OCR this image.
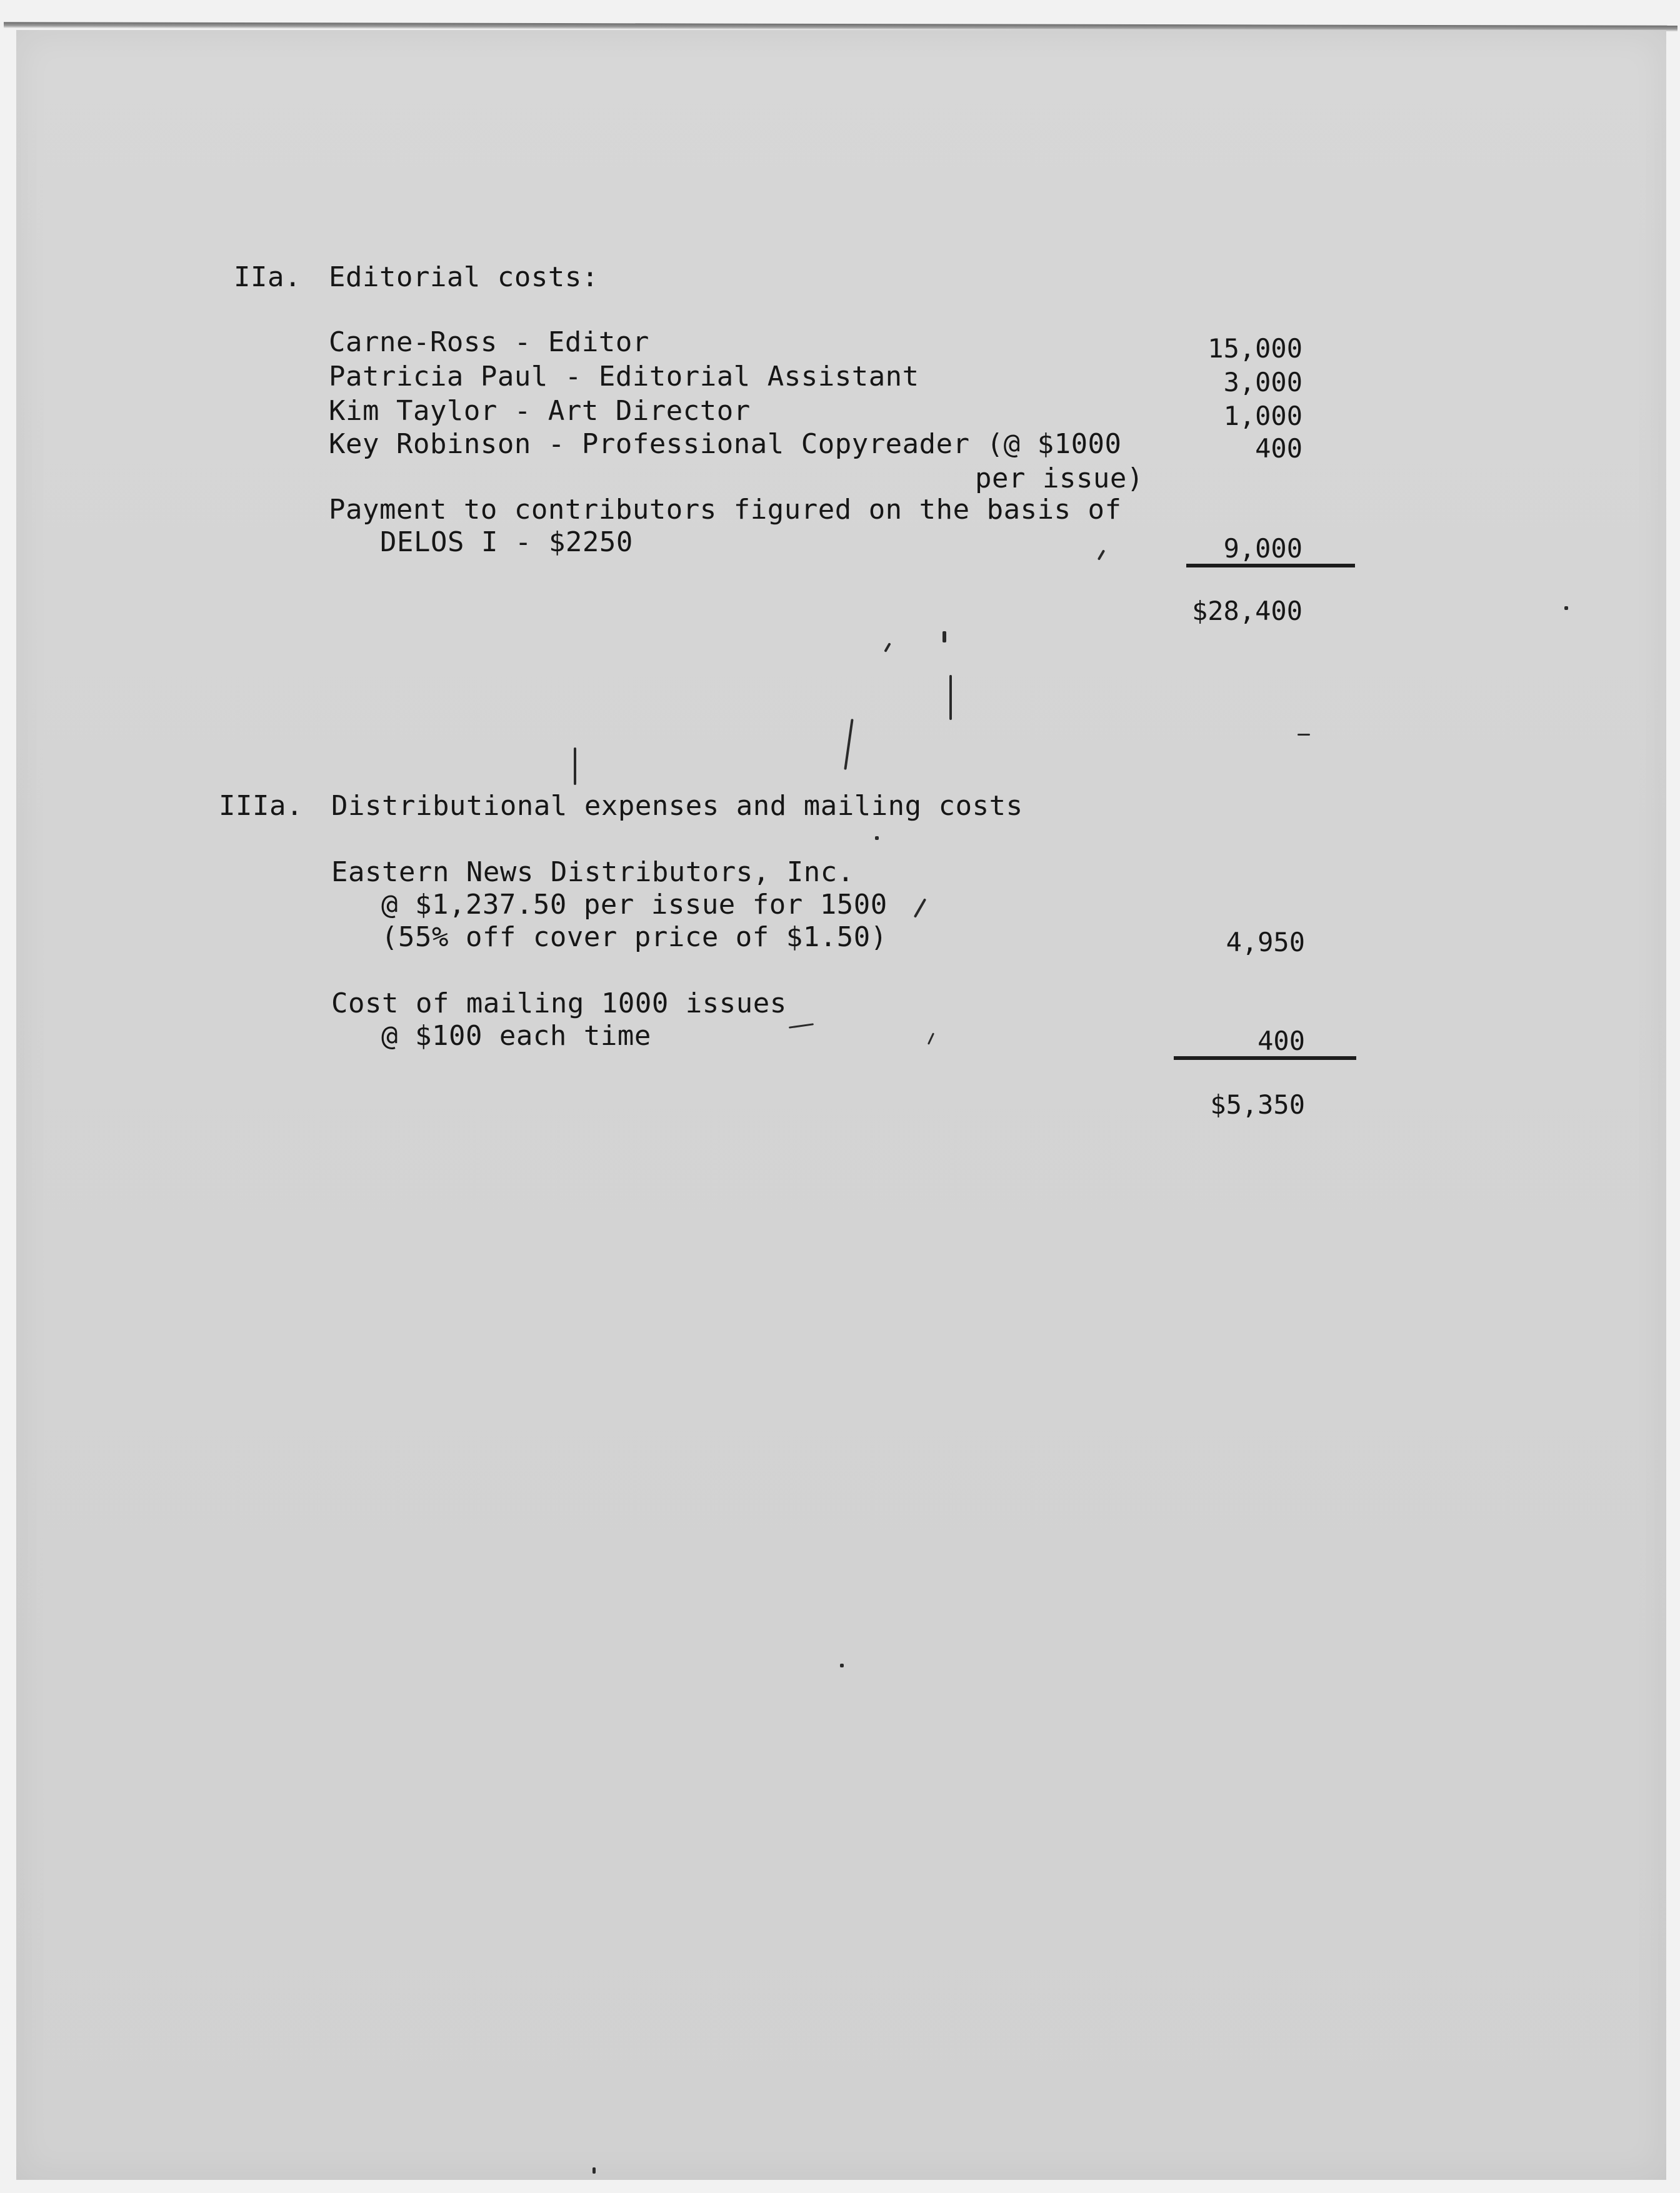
IIa. Editorial costs:
Carne-Ross - Editor	15,000
Patricia Paul - Editorial Assistant	3,000
Kim Taylor - Art Director	1,000
Key Robinson - Professional Copyreader (@ $1000	400
per issue)
Payment to contributors figured on the basis of
DELOS I - $2250	9,000
$28,400
IIIa. Distributional expenses and mailing costs
Eastern News Distributors, Inc.
@ $1,237.50 per issue for 1500
(55% off cover price of $1.50)	4,950
Cost of mailing 1000 issues
@ $100 each time	400
$5,350
